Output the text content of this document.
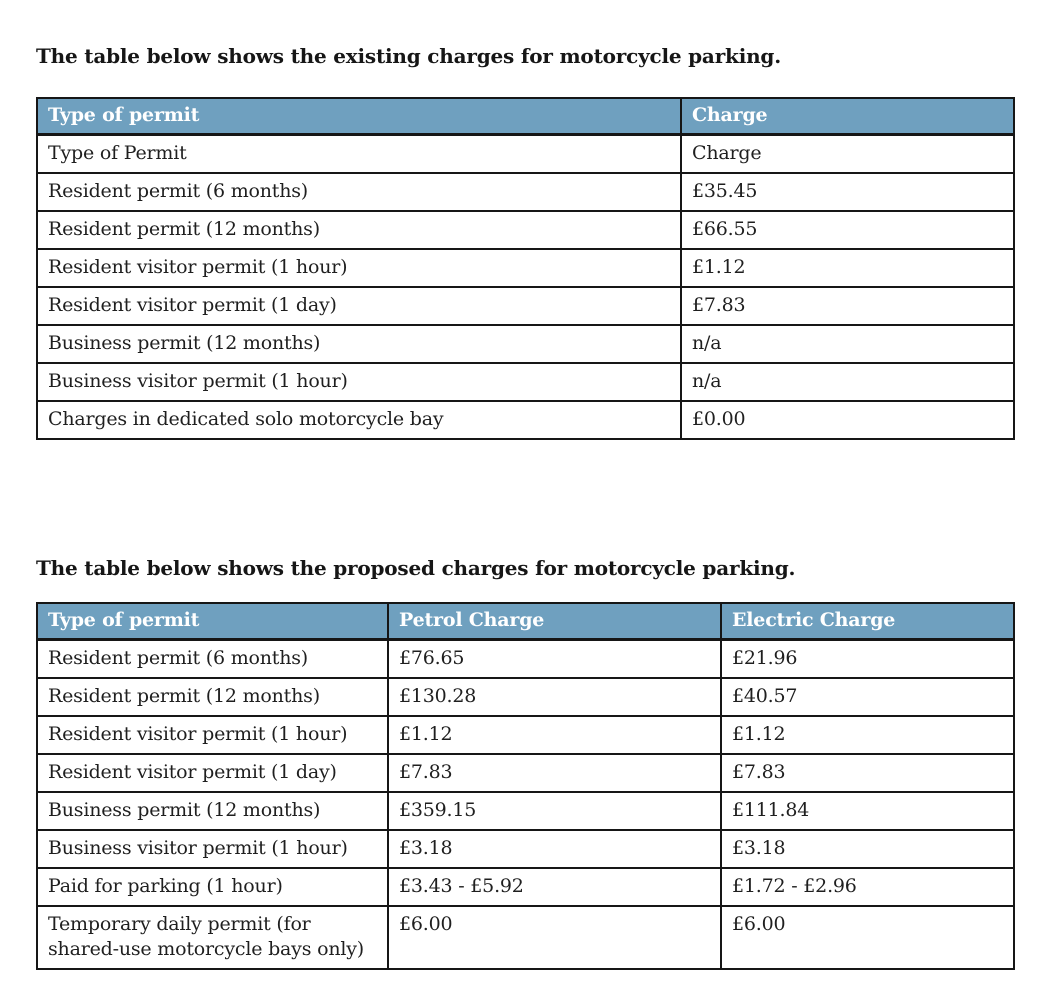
The table below shows the existing charges for motorcycle parking.

Type of permit	Charge
Type of Permit	Charge
Resident permit (6 months)	£35.45
Resident permit (12 months)	£66.55
Resident visitor permit (1 hour)	£1.12
Resident visitor permit (1 day)	£7.83
Business permit (12 months)	n/a
Business visitor permit (1 hour)	n/a
Charges in dedicated solo motorcycle bay	£0.00

The table below shows the proposed charges for motorcycle parking.

Type of permit	Petrol Charge	Electric Charge
Resident permit (6 months)	£76.65	£21.96
Resident permit (12 months)	£130.28	£40.57
Resident visitor permit (1 hour)	£1.12	£1.12
Resident visitor permit (1 day)	£7.83	£7.83
Business permit (12 months)	£359.15	£111.84
Business visitor permit (1 hour)	£3.18	£3.18
Paid for parking (1 hour)	£3.43 - £5.92	£1.72 - £2.96
Temporary daily permit (for shared-use motorcycle bays only)	£6.00	£6.00
